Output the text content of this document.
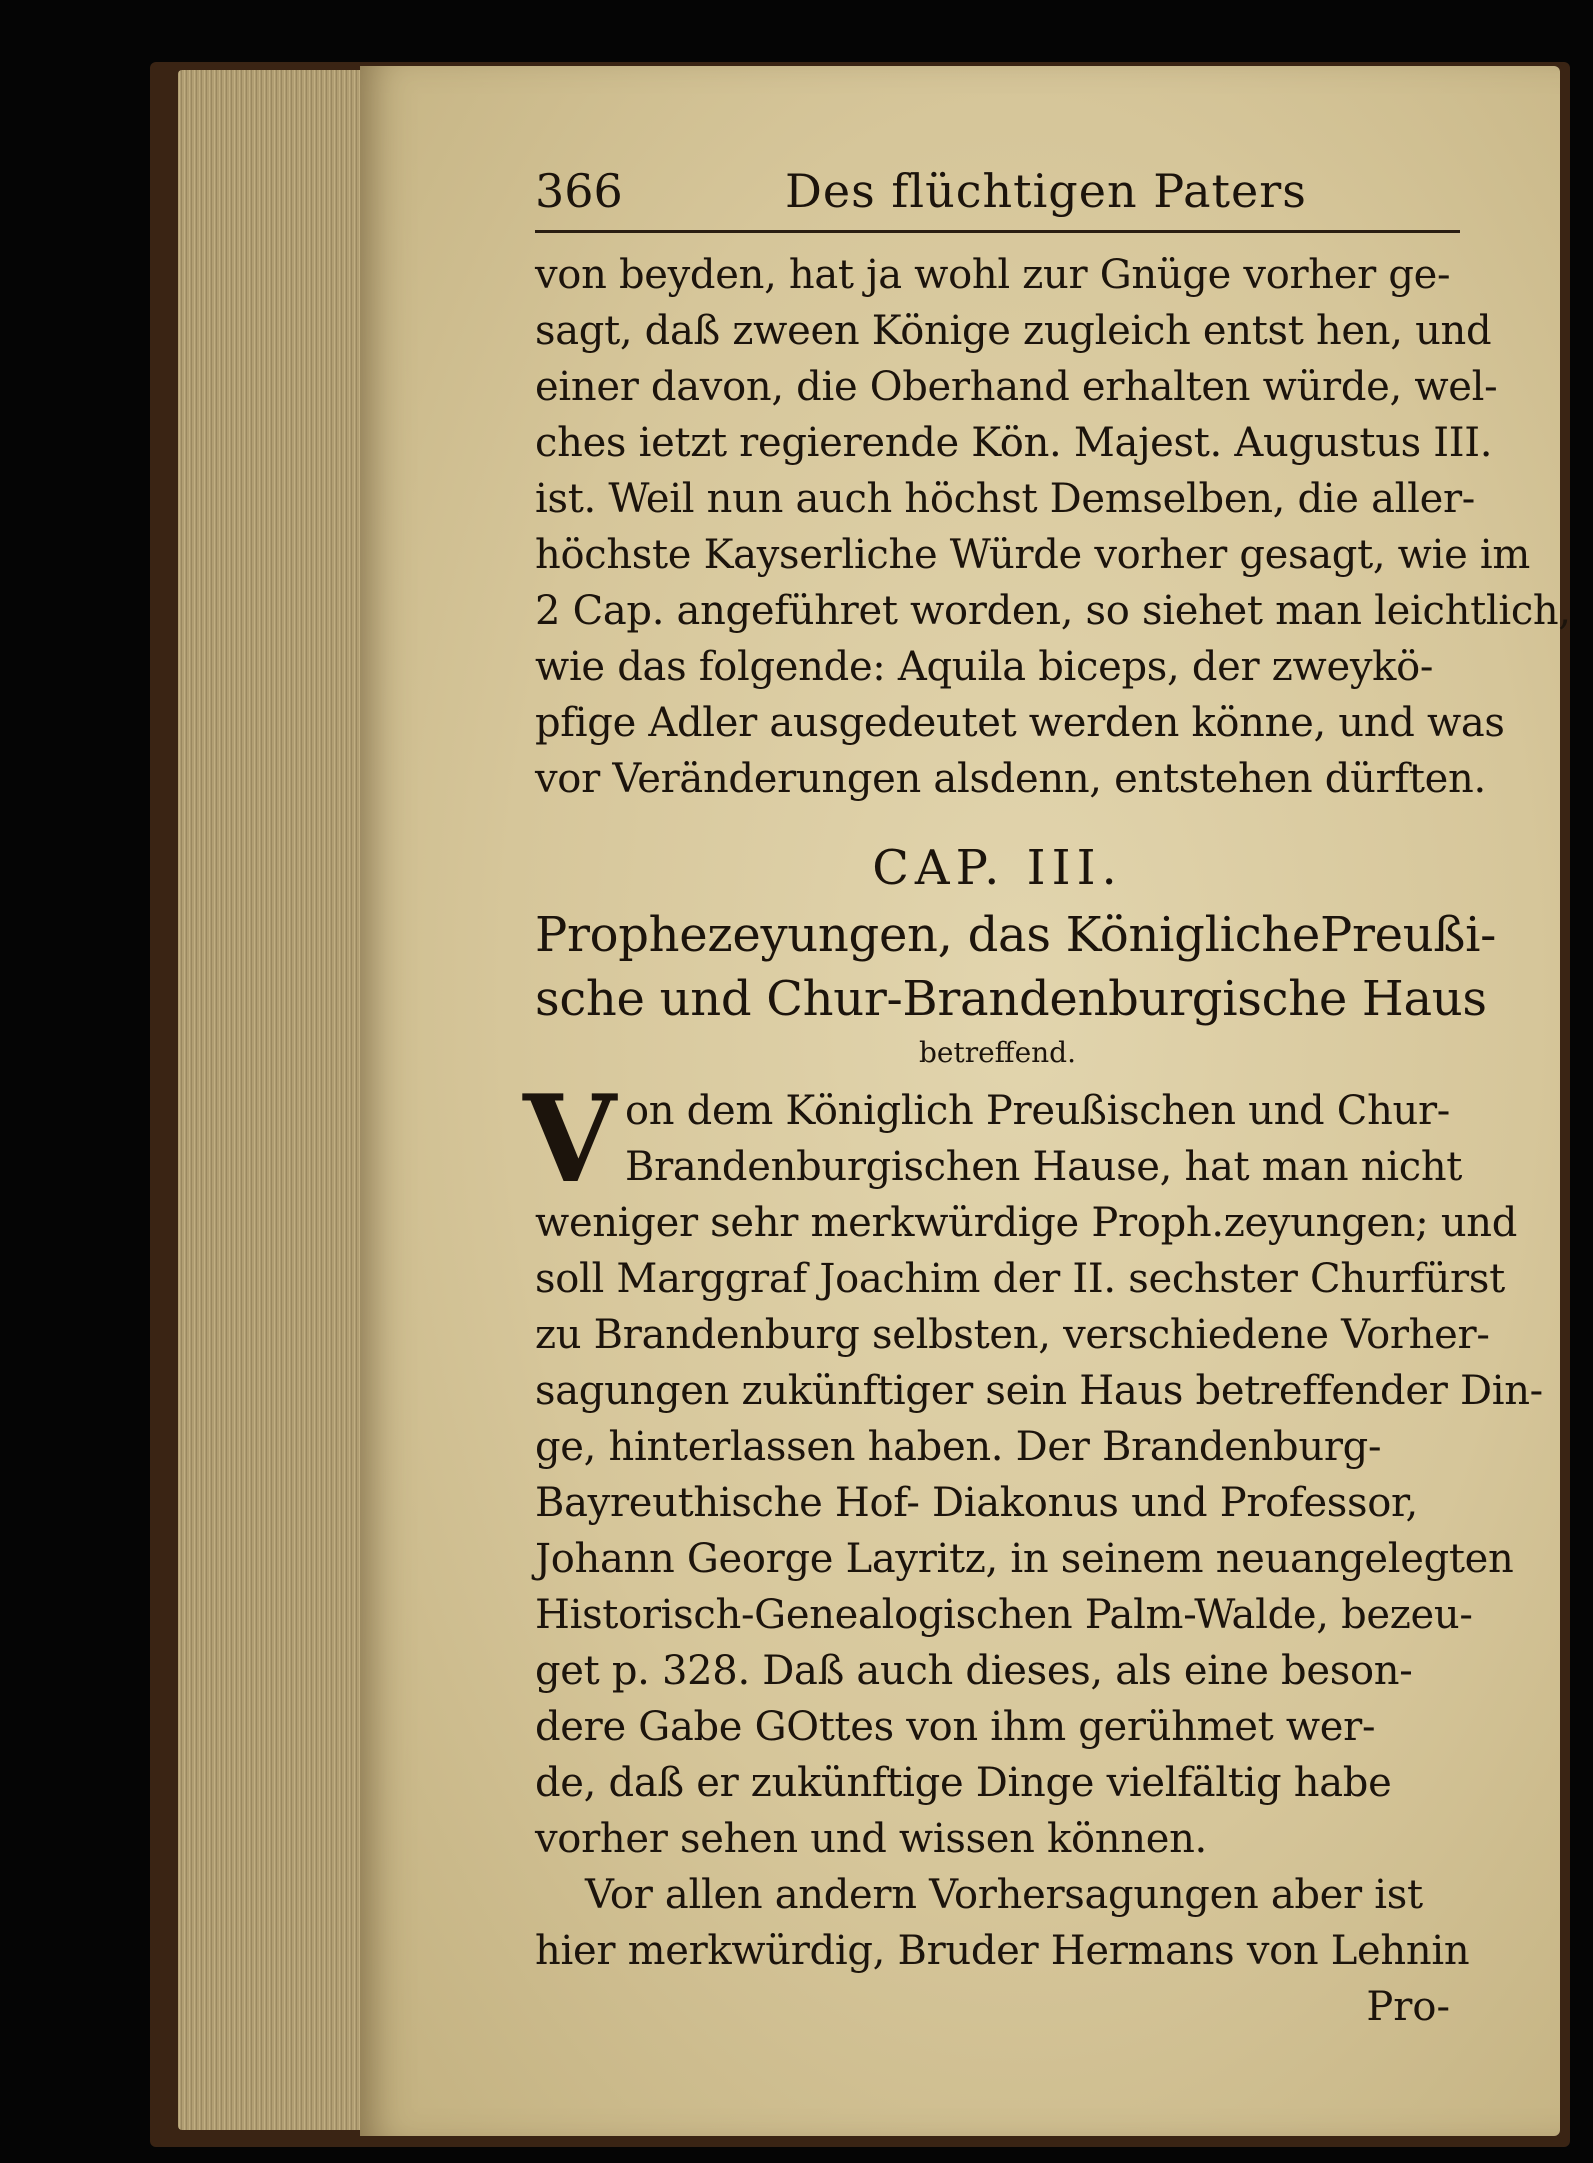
366	Des flüchtigen Paters
von beyden, hat ja wohl zur Gnüge vorher ge-
sagt, daß zween Könige zugleich entst hen, und
einer davon, die Oberhand erhalten würde, wel-
ches ietzt regierende Kön. Majest. Augustus III.
ist. Weil nun auch höchst Demselben, die aller-
höchste Kayserliche Würde vorher gesagt, wie im
2 Cap. angeführet worden, so siehet man leichtlich,
wie das folgende: Aquila biceps, der zweykö-
pfige Adler ausgedeutet werden könne, und was
vor Veränderungen alsdenn, entstehen dürften.
CAP. III.
Prophezeyungen, das KöniglichePreußi-
sche und Chur-Brandenburgische Haus
betreffend.
V on dem Königlich Preußischen und Chur-
Brandenburgischen Hause, hat man nicht
weniger sehr merkwürdige Proph.zeyungen; und
soll Marggraf Joachim der II. sechster Churfürst
zu Brandenburg selbsten, verschiedene Vorher-
sagungen zukünftiger sein Haus betreffender Din-
ge, hinterlassen haben. Der Brandenburg-
Bayreuthische Hof- Diakonus und Professor,
Johann George Layritz, in seinem neuangelegten
Historisch-Genealogischen Palm-Walde, bezeu-
get p. 328. Daß auch dieses, als eine beson-
dere Gabe GOttes von ihm gerühmet wer-
de, daß er zukünftige Dinge vielfältig habe
vorher sehen und wissen können.
Vor allen andern Vorhersagungen aber ist
hier merkwürdig, Bruder Hermans von Lehnin
Pro-
